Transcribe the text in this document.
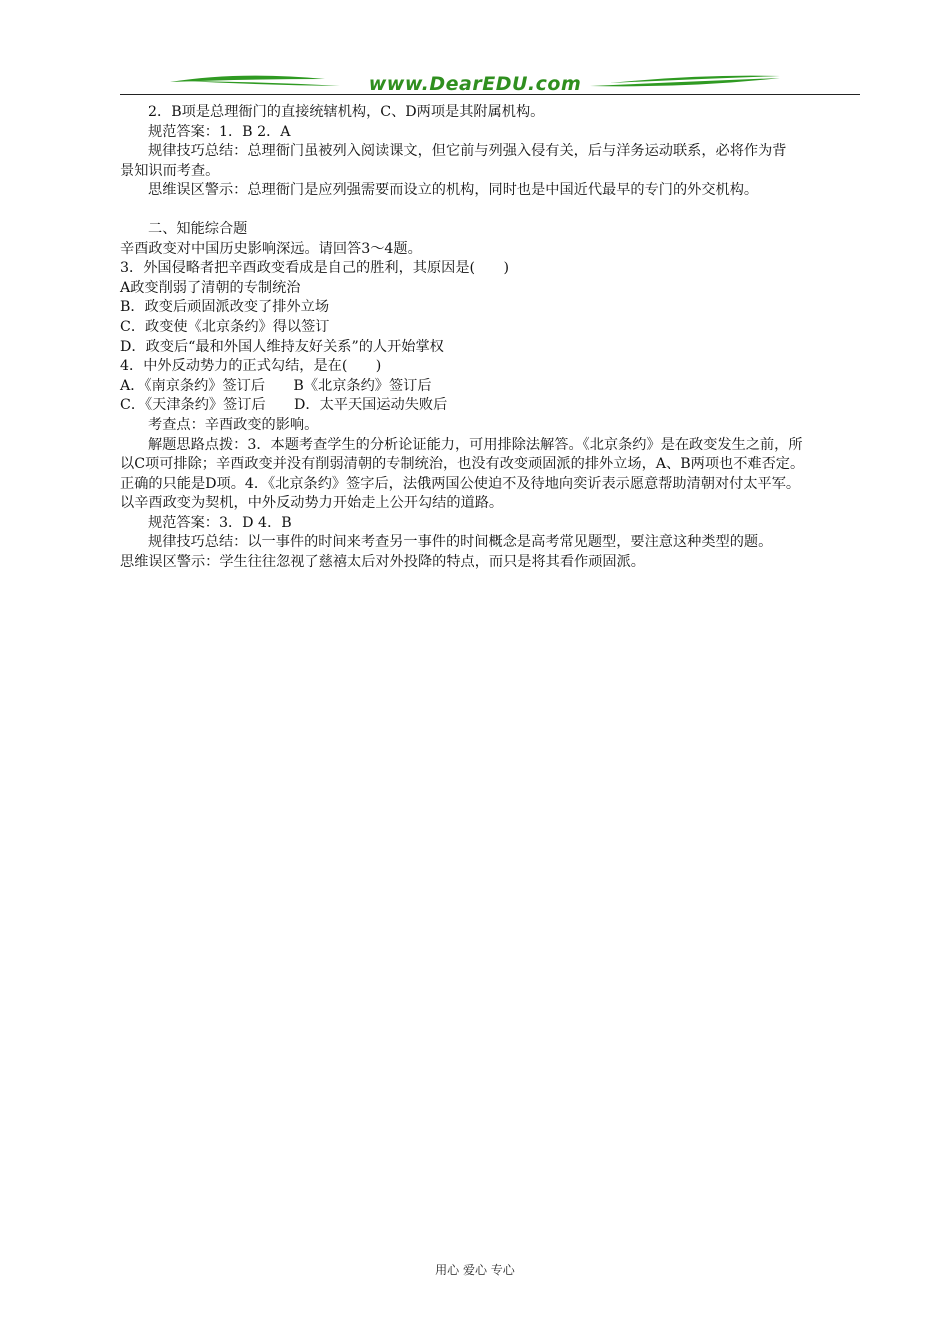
www.DearEDU.com

2．B项是总理衙门的直接统辖机构，C、D两项是其附属机构。

规范答案：1．B 2．A

规律技巧总结：总理衙门虽被列入阅读课文，但它前与列强入侵有关，后与洋务运动联系，必将作为背

景知识而考查。

思维误区警示：总理衙门是应列强需要而设立的机构，同时也是中国近代最早的专门的外交机构。

二、知能综合题

辛酉政变对中国历史影响深远。请回答3～4题。

3．外国侵略者把辛酉政变看成是自己的胜利，其原因是(　　)

A政变削弱了清朝的专制统治

B．政变后顽固派改变了排外立场

C．政变使《北京条约》得以签订

D．政变后“最和外国人维持友好关系”的人开始掌权

4．中外反动势力的正式勾结，是在(　　)

A．《南京条约》签订后　　B《北京条约》签订后

C．《天津条约》签订后　　D．太平天国运动失败后

考查点：辛酉政变的影响。

解题思路点拨：3．本题考查学生的分析论证能力，可用排除法解答。《北京条约》是在政变发生之前，所

以C项可排除；辛酉政变并没有削弱清朝的专制统治，也没有改变顽固派的排外立场，A、B两项也不难否定。

正确的只能是D项。4．《北京条约》签字后，法俄两国公使迫不及待地向奕䜣表示愿意帮助清朝对付太平军。

以辛酉政变为契机，中外反动势力开始走上公开勾结的道路。

规范答案：3．D 4．B

规律技巧总结：以一事件的时间来考查另一事件的时间概念是高考常见题型，要注意这种类型的题。

思维误区警示：学生往往忽视了慈禧太后对外投降的特点，而只是将其看作顽固派。

用心 爱心 专心
